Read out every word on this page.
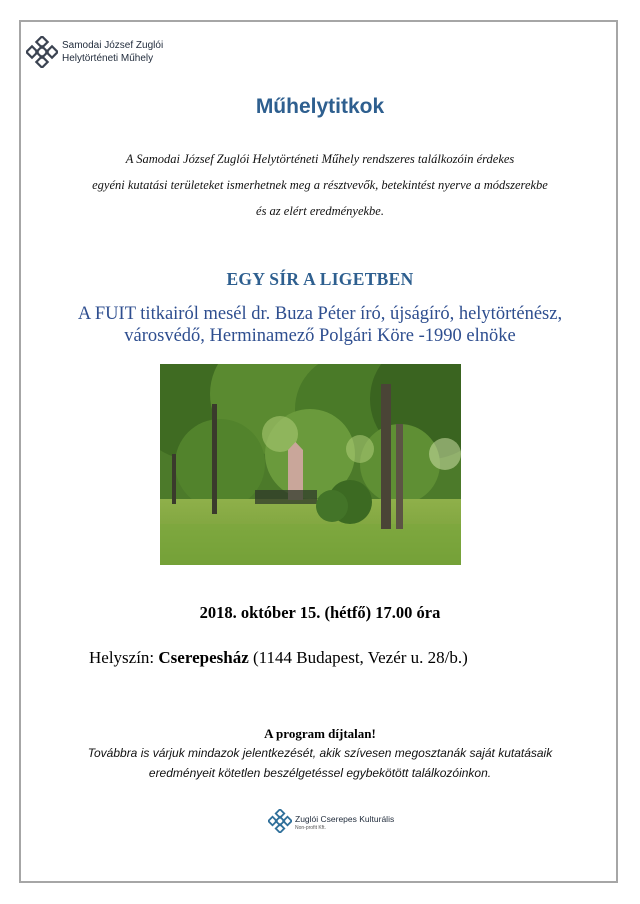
Samodai József Zuglói
Helytörténeti Műhely
Műhelytitkok
A Samodai József Zuglói Helytörténeti Műhely rendszeres találkozóin érdekes
egyéni kutatási területeket ismerhetnek meg a résztvevők, betekintést nyerve a módszerekbe
és az elért eredményekbe.
EGY SÍR A LIGETBEN
A FUIT titkairól mesél dr. Buza Péter író, újságíró, helytörténész,
városvédő, Herminamező Polgári Köre -1990 elnöke
2018. október 15. (hétfő) 17.00 óra
Helyszín: Cserepesház (1144 Budapest, Vezér u. 28/b.)
A program díjtalan!
Továbbra is várjuk mindazok jelentkezését, akik szívesen megosztanák saját kutatásaik
eredményeit kötetlen beszélgetéssel egybekötött találkozóinkon.
Zuglói Cserepes Kulturális
Non-profit Kft.
